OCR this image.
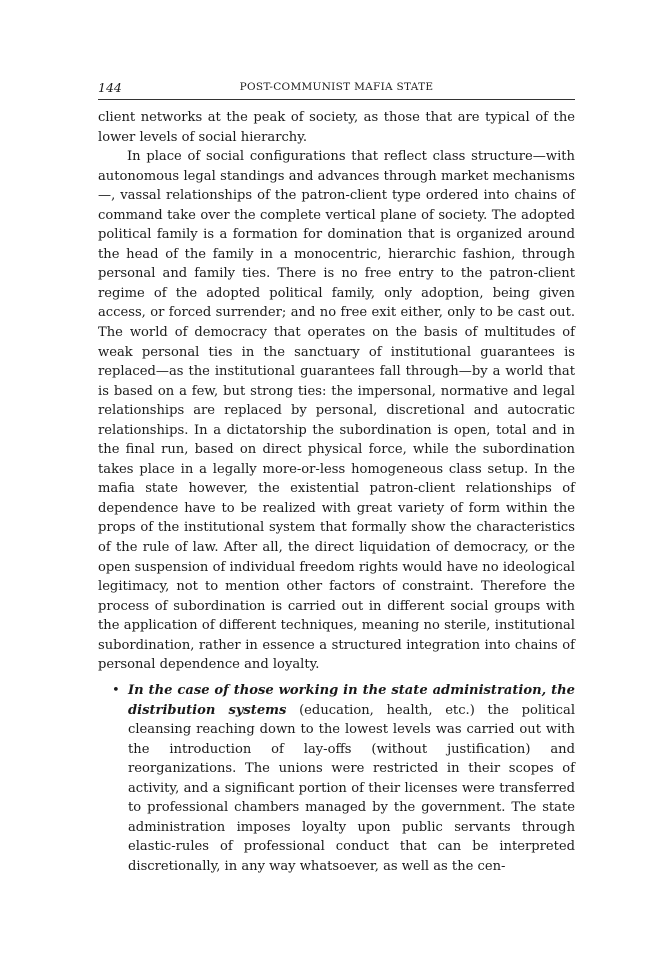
144	POST-COMMUNIST MAFIA STATE

client networks at the peak of society, as those that are typical of the lower levels of social hierarchy.

In place of social configurations that reflect class structure—with autonomous legal standings and advances through market mechanisms—, vassal relationships of the patron-client type ordered into chains of command take over the complete vertical plane of society. The adopted political family is a formation for domination that is organized around the head of the family in a monocentric, hierarchic fashion, through personal and family ties. There is no free entry to the patron-client regime of the adopted political family, only adoption, being given access, or forced surrender; and no free exit either, only to be cast out. The world of democracy that operates on the basis of multitudes of weak personal ties in the sanctuary of institutional guarantees is replaced—as the institutional guarantees fall through—by a world that is based on a few, but strong ties: the impersonal, normative and legal relationships are replaced by personal, discretional and autocratic relationships. In a dictatorship the subordination is open, total and in the final run, based on direct physical force, while the subordination takes place in a legally more-or-less homogeneous class setup. In the mafia state however, the existential patron-client relationships of dependence have to be realized with great variety of form within the props of the institutional system that formally show the characteristics of the rule of law. After all, the direct liquidation of democracy, or the open suspension of individual freedom rights would have no ideological legitimacy, not to mention other factors of constraint. Therefore the process of subordination is carried out in different social groups with the application of different techniques, meaning no sterile, institutional subordination, rather in essence a structured integration into chains of personal dependence and loyalty.

• In the case of those working in the state administration, the distribution systems (education, health, etc.) the political cleansing reaching down to the lowest levels was carried out with the introduction of lay-offs (without justification) and reorganizations. The unions were restricted in their scopes of activity, and a significant portion of their licenses were transferred to professional chambers managed by the government. The state administration imposes loyalty upon public servants through elastic-rules of professional conduct that can be interpreted discretionally, in any way whatsoever, as well as the cen-
